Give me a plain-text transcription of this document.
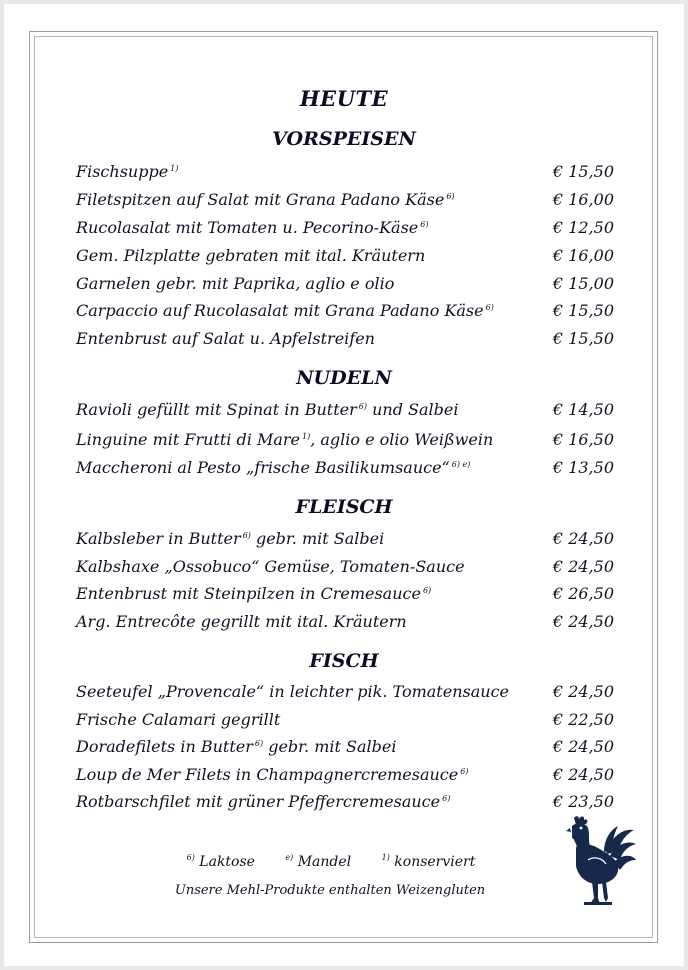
HEUTE
VORSPEISEN
Fischsuppe $^{1)}$	€ 15,50
Filetspitzen auf Salat mit Grana Padano Käse $^{6)}$	€ 16,00
Rucolasalat mit Tomaten u. Pecorino-Käse $^{6)}$	€ 12,50
Gem. Pilzplatte gebraten mit ital. Kräutern	€ 16,00
Garnelen gebr. mit Paprika, aglio e olio	€ 15,00
Carpaccio auf Rucolasalat mit Grana Padano Käse $^{6)}$	€ 15,50
Entenbrust auf Salat u. Apfelstreifen	€ 15,50
NUDELN
Ravioli gefüllt mit Spinat in Butter $^{6)}$ und Salbei	€ 14,50
Linguine mit Frutti di Mare $^{1)}$, aglio e olio Weißwein	€ 16,50
Maccheroni al Pesto „frische Basilikumsauce“ $^{6) e)}$	€ 13,50
FLEISCH
Kalbsleber in Butter $^{6)}$ gebr. mit Salbei	€ 24,50
Kalbshaxe „Ossobuco“ Gemüse, Tomaten-Sauce	€ 24,50
Entenbrust mit Steinpilzen in Cremesauce $^{6)}$	€ 26,50
Arg. Entrecôte gegrillt mit ital. Kräutern	€ 24,50
FISCH
Seeteufel „Provencale“ in leichter pik. Tomatensauce	€ 24,50
Frische Calamari gegrillt	€ 22,50
Doradefilets in Butter $^{6)}$ gebr. mit Salbei	€ 24,50
Loup de Mer Filets in Champagnercremesauce $^{6)}$	€ 24,50
Rotbarschfilet mit grüner Pfeffercremesauce $^{6)}$	€ 23,50
$^{6)}$ Laktose	$^{e)}$ Mandel	$^{1)}$ konserviert
Unsere Mehl-Produkte enthalten Weizengluten
